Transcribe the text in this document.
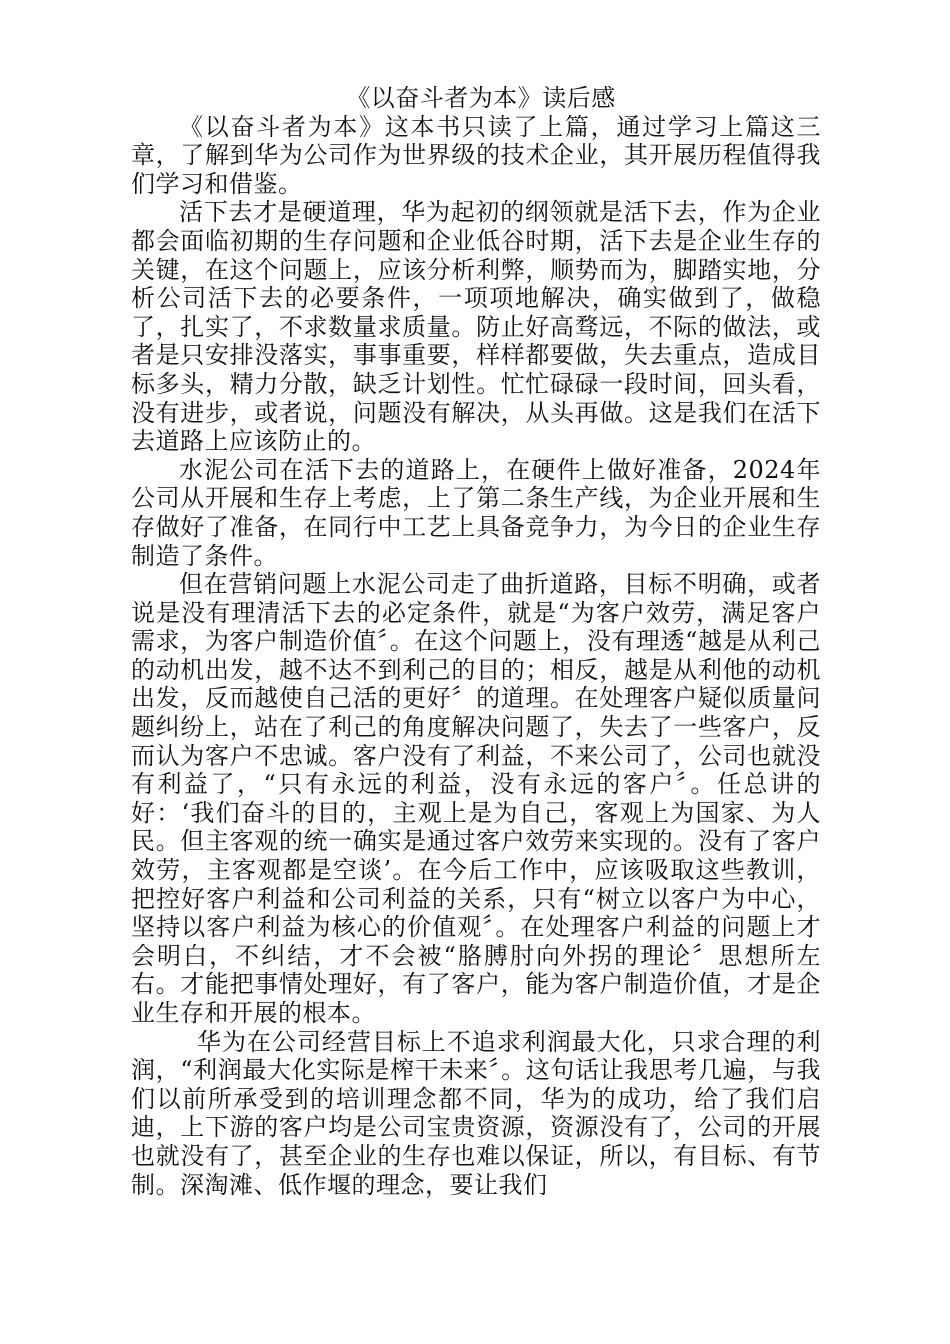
《以奋斗者为本》读后感

《以奋斗者为本》这本书只读了上篇，通过学习上篇这三章，了解到华为公司作为世界级的技术企业，其开展历程值得我们学习和借鉴。

活下去才是硬道理，华为起初的纲领就是活下去，作为企业都会面临初期的生存问题和企业低谷时期，活下去是企业生存的关键，在这个问题上，应该分析利弊，顺势而为，脚踏实地，分析公司活下去的必要条件，一项项地解决，确实做到了，做稳了，扎实了，不求数量求质量。防止好高骛远，不际的做法，或者是只安排没落实，事事重要，样样都要做，失去重点，造成目标多头，精力分散，缺乏计划性。忙忙碌碌一段时间，回头看，没有进步，或者说，问题没有解决，从头再做。这是我们在活下去道路上应该防止的。

水泥公司在活下去的道路上，在硬件上做好准备，2024年公司从开展和生存上考虑，上了第二条生产线，为企业开展和生存做好了准备，在同行中工艺上具备竞争力，为今日的企业生存制造了条件。

但在营销问题上水泥公司走了曲折道路，目标不明确，或者说是没有理清活下去的必定条件，就是“为客户效劳，满足客户需求，为客户制造价值〞。在这个问题上，没有理透“越是从利己的动机出发，越不达不到利己的目的；相反，越是从利他的动机出发，反而越使自己活的更好〞的道理。在处理客户疑似质量问题纠纷上，站在了利己的角度解决问题了，失去了一些客户，反而认为客户不忠诚。客户没有了利益，不来公司了，公司也就没有利益了，“只有永远的利益，没有永远的客户〞。任总讲的好：‘我们奋斗的目的，主观上是为自己，客观上为国家、为人民。但主客观的统一确实是通过客户效劳来实现的。没有了客户效劳，主客观都是空谈’。在今后工作中，应该吸取这些教训，把控好客户利益和公司利益的关系，只有“树立以客户为中心，坚持以客户利益为核心的价值观〞。在处理客户利益的问题上才会明白，不纠结，才不会被“胳膊肘向外拐的理论〞思想所左右。才能把事情处理好，有了客户，能为客户制造价值，才是企业生存和开展的根本。

华为在公司经营目标上不追求利润最大化，只求合理的利润，“利润最大化实际是榨干未来〞。这句话让我思考几遍，与我们以前所承受到的培训理念都不同，华为的成功，给了我们启迪，上下游的客户均是公司宝贵资源，资源没有了，公司的开展也就没有了，甚至企业的生存也难以保证，所以，有目标、有节制。深淘滩、低作堰的理念，要让我们
